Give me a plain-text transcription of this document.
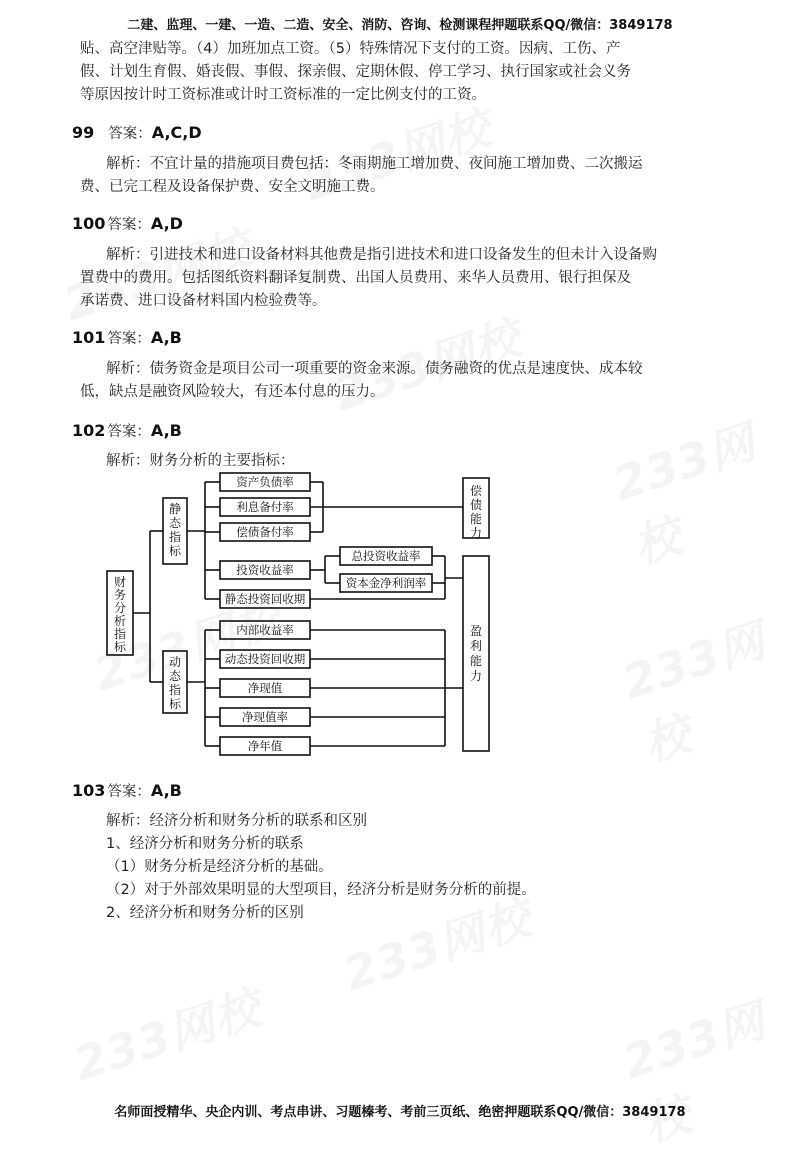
二建、监理、一建、一造、二造、安全、消防、咨询、检测课程押题联系QQ/微信：3849178
名师面授精华、央企内训、考点串讲、习题榛考、考前三页纸、绝密押题联系QQ/微信：3849178
贴、高空津贴等。（4）加班加点工资。（5）特殊情况下支付的工资。因病、工伤、产
假、计划生育假、婚丧假、事假、探亲假、定期休假、停工学习、执行国家或社会义务
等原因按计时工资标准或计时工资标准的一定比例支付的工资。
99 答案：A,C,D
解析：不宜计量的措施项目费包括：冬雨期施工增加费、夜间施工增加费、二次搬运
费、已完工程及设备保护费、安全文明施工费。
100 答案：A,D
解析：引进技术和进口设备材料其他费是指引进技术和进口设备发生的但未计入设备购
置费中的费用。包括图纸资料翻译复制费、出国人员费用、来华人员费用、银行担保及
承诺费、进口设备材料国内检验费等。
101 答案：A,B
解析：债务资金是项目公司一项重要的资金来源。债务融资的优点是速度快、成本较
低，缺点是融资风险较大，有还本付息的压力。
102 答案：A,B
解析：财务分析的主要指标：
财
务
分
析
指
标
静
态
指
标
动
态
指
标
偿
债
能
力
盈
利
能
力
资产负债率
利息备付率
偿债备付率
投资收益率
静态投资回收期
总投资收益率
资本金净利润率
内部收益率
动态投资回收期
净现值
净现值率
净年值
103 答案：A,B
解析：经济分析和财务分析的联系和区别
1、经济分析和财务分析的联系
（1）财务分析是经济分析的基础。
（2）对于外部效果明显的大型项目，经济分析是财务分析的前提。
2、经济分析和财务分析的区别
